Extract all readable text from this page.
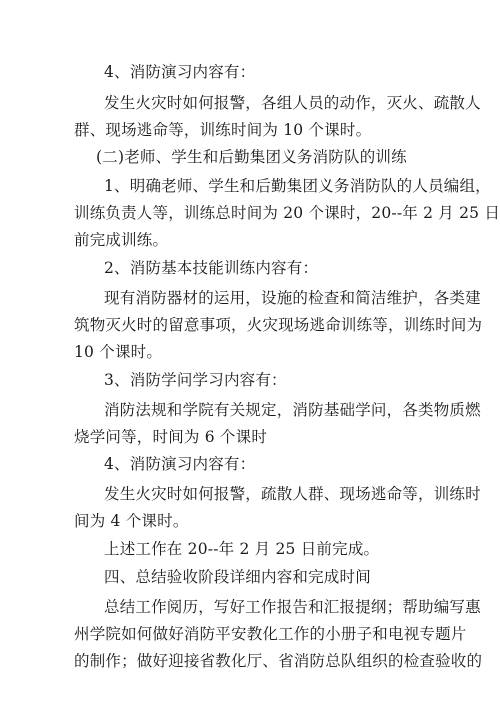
4、消防演习内容有：
发生火灾时如何报警，各组人员的动作，灭火、疏散人
群、现场逃命等，训练时间为 10 个课时。
(二)老师、学生和后勤集团义务消防队的训练
1、明确老师、学生和后勤集团义务消防队的人员编组，
训练负责人等，训练总时间为 20 个课时，20--年 2 月 25 日
前完成训练。
2、消防基本技能训练内容有：
现有消防器材的运用，设施的检查和简洁维护，各类建
筑物灭火时的留意事项，火灾现场逃命训练等，训练时间为
10 个课时。
3、消防学问学习内容有：
消防法规和学院有关规定，消防基础学问，各类物质燃
烧学问等，时间为 6 个课时
4、消防演习内容有：
发生火灾时如何报警，疏散人群、现场逃命等，训练时
间为 4 个课时。
上述工作在 20--年 2 月 25 日前完成。
四、总结验收阶段详细内容和完成时间
总结工作阅历，写好工作报告和汇报提纲；帮助编写惠
州学院如何做好消防平安教化工作的小册子和电视专题片
的制作；做好迎接省教化厅、省消防总队组织的检查验收的
